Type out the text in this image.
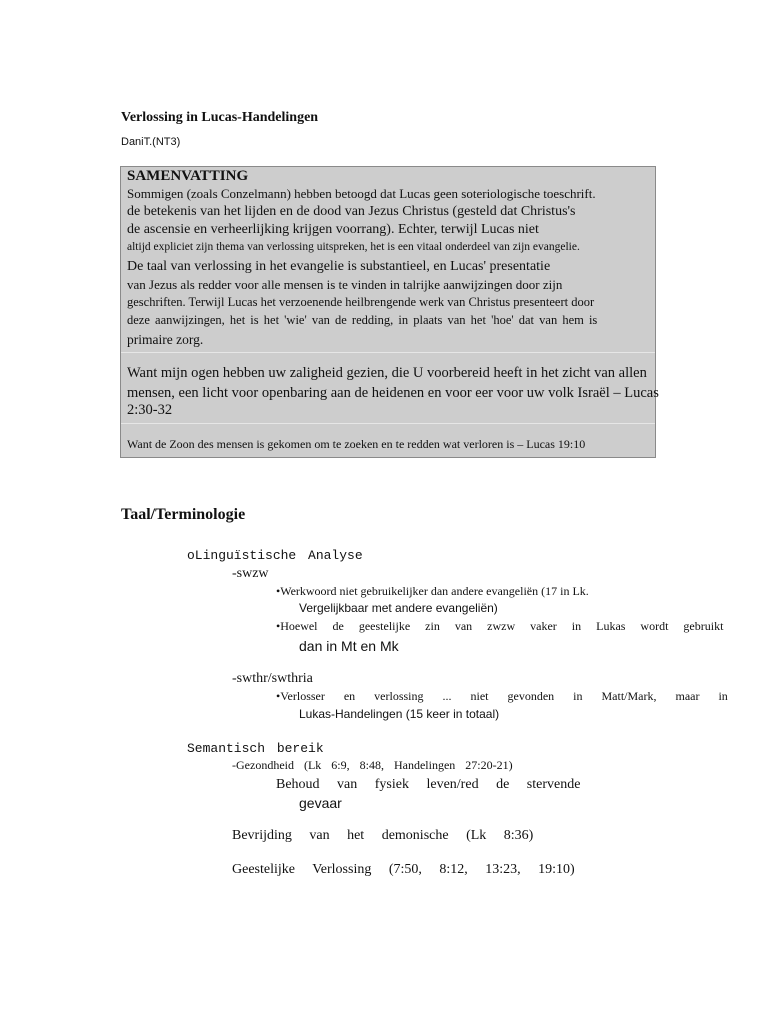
Verlossing in Lucas-Handelingen
DaniT.(NT3)
SAMENVATTING
Sommigen (zoals Conzelmann) hebben betoogd dat Lucas geen soteriologische toeschrift.
de betekenis van het lijden en de dood van Jezus Christus (gesteld dat Christus's
de ascensie en verheerlijking krijgen voorrang). Echter, terwijl Lucas niet
altijd expliciet zijn thema van verlossing uitspreken, het is een vitaal onderdeel van zijn evangelie.
De taal van verlossing in het evangelie is substantieel, en Lucas' presentatie
van Jezus als redder voor alle mensen is te vinden in talrijke aanwijzingen door zijn
geschriften. Terwijl Lucas het verzoenende heilbrengende werk van Christus presenteert door
deze aanwijzingen, het is het 'wie' van de redding, in plaats van het 'hoe' dat van hem is
primaire zorg.
Want mijn ogen hebben uw zaligheid gezien, die U voorbereid heeft in het zicht van allen
mensen, een licht voor openbaring aan de heidenen en voor eer voor uw volk Israël – Lucas
2:30-32
Want de Zoon des mensen is gekomen om te zoeken en te redden wat verloren is – Lucas 19:10
Taal/Terminologie
oLinguïstische Analyse
-swzw
•Werkwoord niet gebruikelijker dan andere evangeliën (17 in Lk.
Vergelijkbaar met andere evangeliën)
•Hoewel de geestelijke zin van zwzw vaker in Lukas wordt gebruikt
dan in Mt en Mk
-swthr/swthria
•Verlosser en verlossing ... niet gevonden in Matt/Mark, maar in
Lukas-Handelingen (15 keer in totaal)
Semantisch bereik
-Gezondheid (Lk 6:9, 8:48, Handelingen 27:20-21)
Behoud van fysiek leven/red de stervende
gevaar
Bevrijding van het demonische (Lk 8:36)
Geestelijke Verlossing (7:50, 8:12, 13:23, 19:10)
